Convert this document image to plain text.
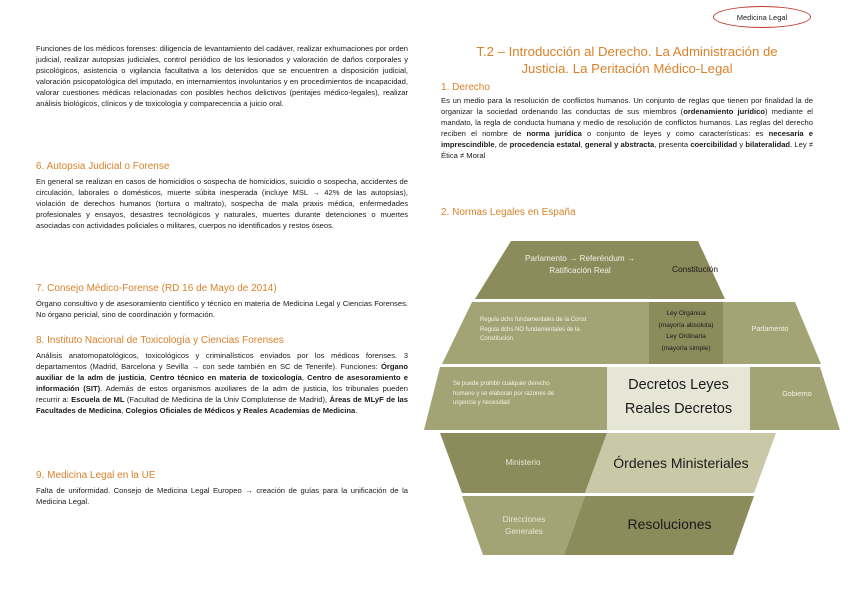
Medicina Legal

Funciones de los médicos forenses: diligencia de levantamiento del cadáver, realizar exhumaciones por orden judicial, realizar autopsias judiciales, control periódico de los lesionados y valoración de daños corporales y psicológicos, asistencia o vigilancia facultativa a los detenidos que se encuentren a disposición judicial, valoración psicopatológica del imputado, en internamientos involuntarios y en procedimientos de incapacidad, valorar cuestiones médicas relacionadas con posibles hechos delictivos (peritajes médico-legales), realizar análisis biológicos, clínicos y de toxicología y comparecencia a juicio oral.

6. Autopsia Judicial o Forense

En general se realizan en casos de homicidios o sospecha de homicidios, suicidio o sospecha, accidentes de circulación, laborales o domésticos, muerte súbita inesperada (incluye MSL → 42% de las autopsias), violación de derechos humanos (tortura o maltrato), sospecha de mala praxis médica, enfermedades profesionales y ensayos, desastres tecnológicos y naturales, muertes durante detenciones o muertes asociadas con actividades policiales o militares, cuerpos no identificados y restos óseos.

7. Consejo Médico-Forense (RD 16 de Mayo de 2014)

Órgano consultivo y de asesoramiento científico y técnico en materia de Medicina Legal y Ciencias Forenses. No órgano pericial, sino de coordinación y formación.

8. Instituto Nacional de Toxicología y Ciencias Forenses

Análisis anatomopatológicos, toxicológicos y criminalísticos enviados por los médicos forenses. 3 departamentos (Madrid, Barcelona y Sevilla → con sede también en SC de Tenerife). Funciones: Órgano auxiliar de la adm de justicia, Centro técnico en materia de toxicología, Centro de asesoramiento e información (SIT). Además de estos organismos auxiliares de la adm de justicia, los tribunales pueden recurrir a: Escuela de ML (Facultad de Medicina de la Univ Complutense de Madrid), Áreas de MLyF de las Facultades de Medicina, Colegios Oficiales de Médicos y Reales Academias de Medicina.

9. Medicina Legal en la UE

Falta de uniformidad. Consejo de Medicina Legal Europeo → creación de guías para la unificación de la Medicina Legal.

T.2 – Introducción al Derecho. La Administración de
Justicia. La Peritación Médico-Legal
1. Derecho

Es un medio para la resolución de conflictos humanos. Un conjunto de reglas que tienen por finalidad la de organizar la sociedad ordenando las conductas de sus miembros (ordenamiento jurídico) mediante el mandato, la regla de conducta humana y medio de resolución de conflictos humanos. Las reglas del derecho reciben el nombre de norma jurídica o conjunto de leyes y como características: es necesaria e imprescindible, de procedencia estatal, general y abstracta, presenta coercibilidad y bilateralidad. Ley ≠ Ética ≠ Moral

2. Normas Legales en España
Parlamento → Referéndum →
Ratificación Real	Constitución
Regula dchs fundamentales de la Const
Regula dchs NO fundamentales de la
Constitución
Ley Orgánica
(mayoría absoluta)
Ley Ordinaria
(mayoría simple)
Parlamento
Se puede prohibir cualquier derecho
humano y se elaboran por razones de
urgencia y necesidad
Decretos Leyes
Reales Decretos
Gobierno
Ministerio	Órdenes Ministeriales
Direcciones
Generales	Resoluciones
